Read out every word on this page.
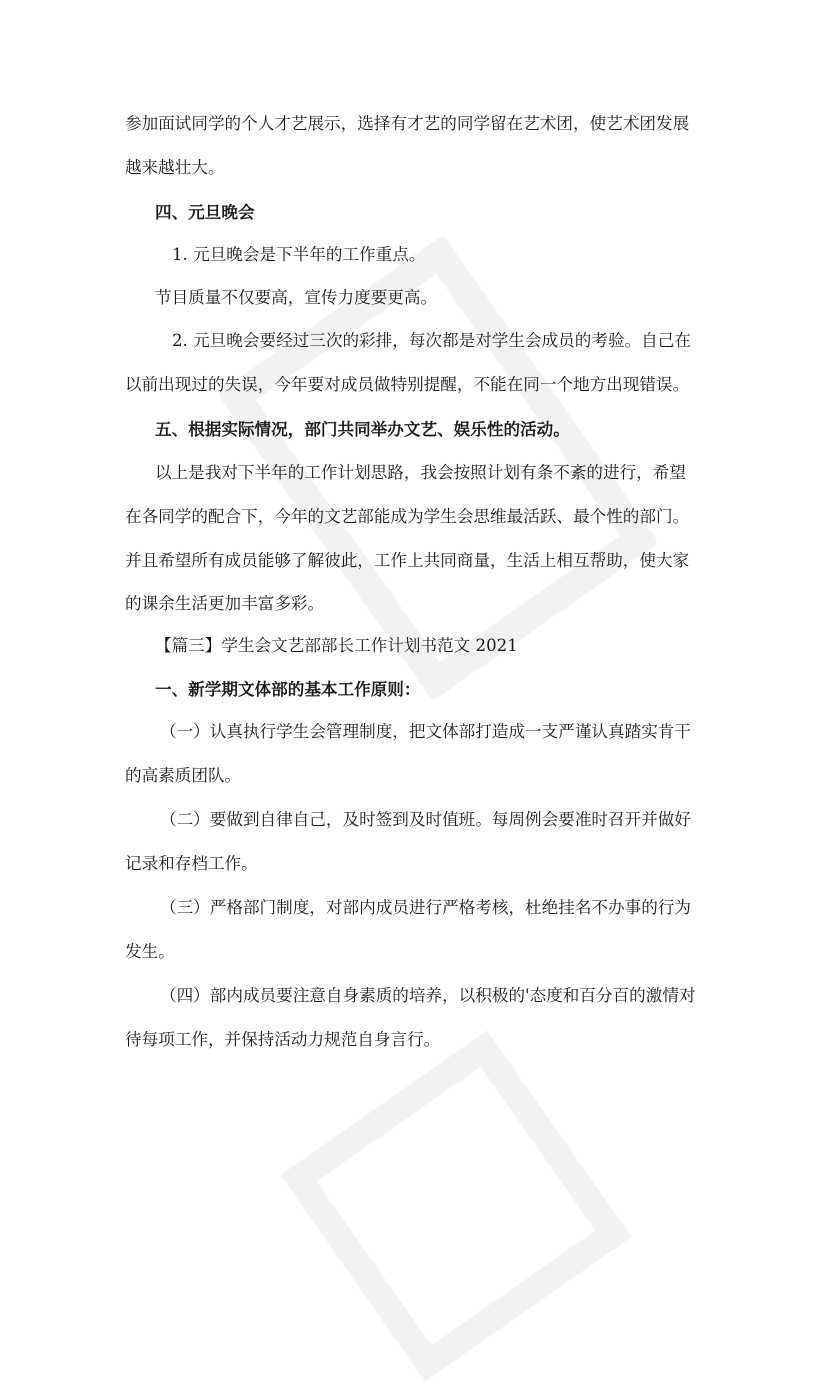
参加面试同学的个人才艺展示，选择有才艺的同学留在艺术团，使艺术团发展
越来越壮大。
四、元旦晚会
1. 元旦晚会是下半年的工作重点。
节目质量不仅要高，宣传力度要更高。
2. 元旦晚会要经过三次的彩排，每次都是对学生会成员的考验。自己在
以前出现过的失误，今年要对成员做特别提醒，不能在同一个地方出现错误。
五、根据实际情况，部门共同举办文艺、娱乐性的活动。
以上是我对下半年的工作计划思路，我会按照计划有条不紊的进行，希望
在各同学的配合下，今年的文艺部能成为学生会思维最活跃、最个性的部门。
并且希望所有成员能够了解彼此，工作上共同商量，生活上相互帮助，使大家
的课余生活更加丰富多彩。
【篇三】学生会文艺部部长工作计划书范文 2021
一、新学期文体部的基本工作原则：
（一）认真执行学生会管理制度，把文体部打造成一支严谨认真踏实肯干
的高素质团队。
（二）要做到自律自己，及时签到及时值班。每周例会要准时召开并做好
记录和存档工作。
（三）严格部门制度，对部内成员进行严格考核，杜绝挂名不办事的行为
发生。
（四）部内成员要注意自身素质的培养，以积极的'态度和百分百的激情对
待每项工作，并保持活动力规范自身言行。
